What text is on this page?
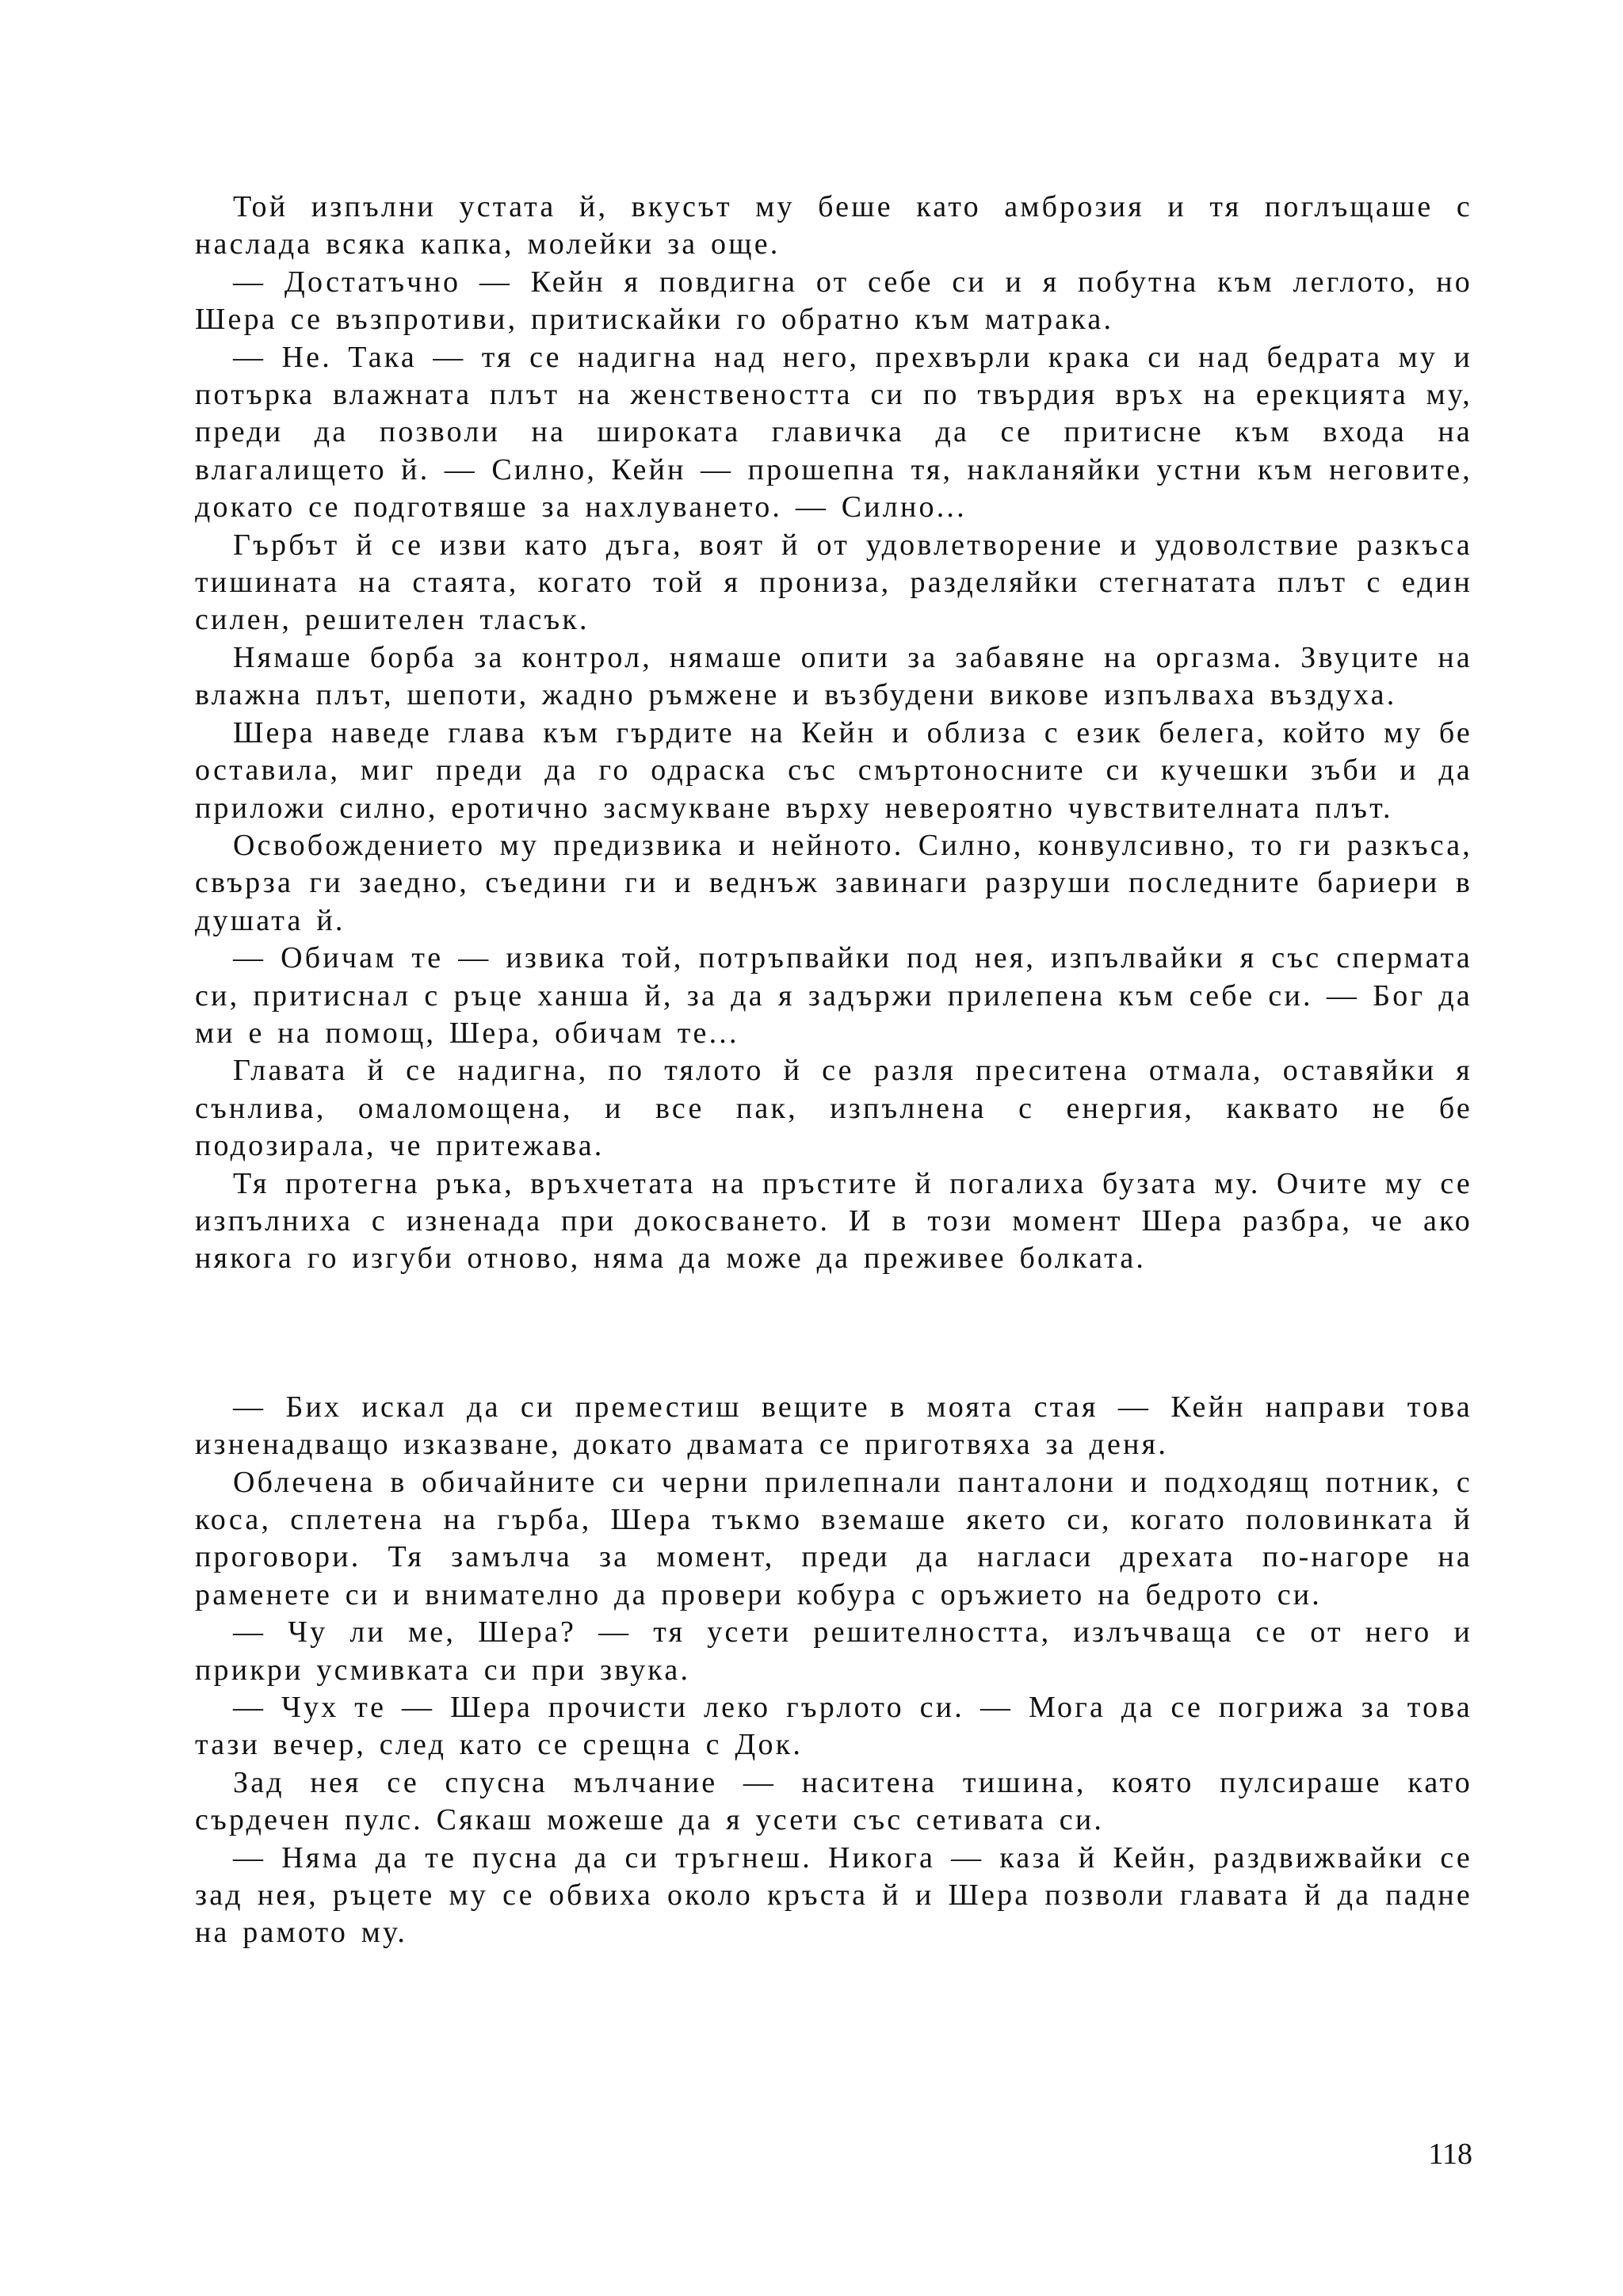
Той изпълни устата й, вкусът му беше като амброзия и тя поглъщаше с наслада всяка капка, молейки за още.

— Достатъчно — Кейн я повдигна от себе си и я побутна към леглото, но Шера се възпротиви, притискайки го обратно към матрака.

— Не. Така — тя се надигна над него, прехвърли крака си над бедрата му и потърка влажната плът на женствеността си по твърдия връх на ерекцията му, преди да позволи на широката главичка да се притисне към входа на влагалището й. — Силно, Кейн — прошепна тя, накланяйки устни към неговите, докато се подготвяше за нахлуването. — Силно...

Гърбът й се изви като дъга, воят й от удовлетворение и удоволствие разкъса тишината на стаята, когато той я прониза, разделяйки стегнатата плът с един силен, решителен тласък.

Нямаше борба за контрол, нямаше опити за забавяне на оргазма. Звуците на влажна плът, шепоти, жадно ръмжене и възбудени викове изпълваха въздуха.

Шера наведе глава към гърдите на Кейн и облиза с език белега, който му бе оставила, миг преди да го одраска със смъртоносните си кучешки зъби и да приложи силно, еротично засмукване върху невероятно чувствителната плът.

Освобождението му предизвика и нейното. Силно, конвулсивно, то ги разкъса, свърза ги заедно, съедини ги и веднъж завинаги разруши последните бариери в душата й.

— Обичам те — извика той, потръпвайки под нея, изпълвайки я със спермата си, притиснал с ръце ханша й, за да я задържи прилепена към себе си. — Бог да ми е на помощ, Шера, обичам те...

Главата й се надигна, по тялото й се разля преситена отмала, оставяйки я сънлива, омаломощена, и все пак, изпълнена с енергия, каквато не бе подозирала, че притежава.

Тя протегна ръка, връхчетата на пръстите й погалиха бузата му. Очите му се изпълниха с изненада при докосването. И в този момент Шера разбра, че ако някога го изгуби отново, няма да може да преживее болката.

— Бих искал да си преместиш вещите в моята стая — Кейн направи това изненадващо изказване, докато двамата се приготвяха за деня.

Облечена в обичайните си черни прилепнали панталони и подходящ потник, с коса, сплетена на гърба, Шера тъкмо вземаше якето си, когато половинката й проговори. Тя замълча за момент, преди да нагласи дрехата по-нагоре на раменете си и внимателно да провери кобура с оръжието на бедрото си.

— Чу ли ме, Шера? — тя усети решителността, излъчваща се от него и прикри усмивката си при звука.

— Чух те — Шера прочисти леко гърлото си. — Мога да се погрижа за това тази вечер, след като се срещна с Док.

Зад нея се спусна мълчание — наситена тишина, която пулсираше като сърдечен пулс. Сякаш можеше да я усети със сетивата си.

— Няма да те пусна да си тръгнеш. Никога — каза й Кейн, раздвижвайки се зад нея, ръцете му се обвиха около кръста й и Шера позволи главата й да падне на рамото му.

118
